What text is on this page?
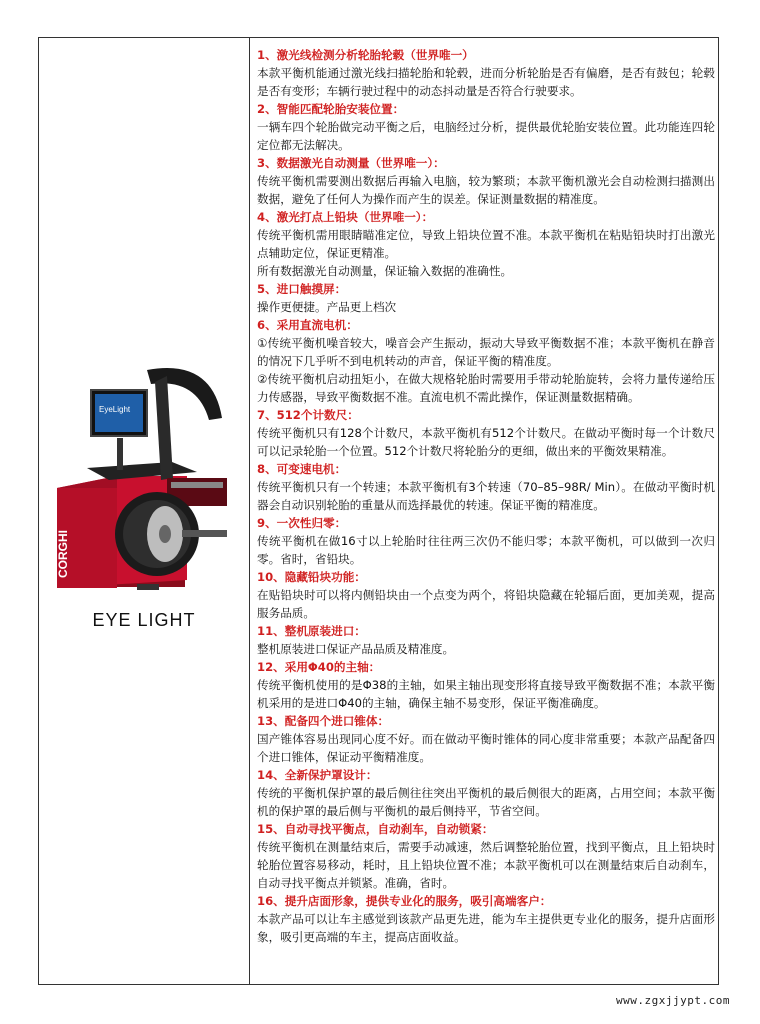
CORGHI
EyeLight
EYE LIGHT
1、激光线检测分析轮胎轮毂（世界唯一）
本款平衡机能通过激光线扫描轮胎和轮毂，进而分析轮胎是否有偏磨，是否有鼓包；轮毂是否有变形；车辆行驶过程中的动态抖动量是否符合行驶要求。
2、智能匹配轮胎安装位置：
一辆车四个轮胎做完动平衡之后，电脑经过分析，提供最优轮胎安装位置。此功能连四轮定位都无法解决。
3、数据激光自动测量（世界唯一）：
传统平衡机需要测出数据后再输入电脑，较为繁琐；本款平衡机激光会自动检测扫描测出数据，避免了任何人为操作而产生的误差。保证测量数据的精准度。
4、激光打点上铅块（世界唯一）：
传统平衡机需用眼睛瞄准定位，导致上铅块位置不准。本款平衡机在粘贴铅块时打出激光点辅助定位，保证更精准。
所有数据激光自动测量，保证输入数据的准确性。
5、进口触摸屏：
操作更便捷。产品更上档次
6、采用直流电机：
①传统平衡机噪音较大，噪音会产生振动，振动大导致平衡数据不准；本款平衡机在静音的情况下几乎听不到电机转动的声音，保证平衡的精准度。
②传统平衡机启动扭矩小，在做大规格轮胎时需要用手带动轮胎旋转，会将力量传递给压力传感器，导致平衡数据不准。直流电机不需此操作，保证测量数据精确。
7、512个计数尺：
传统平衡机只有128个计数尺，本款平衡机有512个计数尺。在做动平衡时每一个计数尺可以记录轮胎一个位置。512个计数尺将轮胎分的更细，做出来的平衡效果精准。
8、可变速电机：
传统平衡机只有一个转速；本款平衡机有3个转速（70–85–98R/ Min）。在做动平衡时机器会自动识别轮胎的重量从而选择最优的转速。保证平衡的精准度。
9、一次性归零：
传统平衡机在做16寸以上轮胎时往往两三次仍不能归零；本款平衡机，可以做到一次归零。省时，省铅块。
10、隐藏铅块功能：
在贴铅块时可以将内侧铅块由一个点变为两个，将铅块隐藏在轮辐后面，更加美观，提高服务品质。
11、整机原装进口：
整机原装进口保证产品品质及精准度。
12、采用Φ40的主轴：
传统平衡机使用的是Φ38的主轴，如果主轴出现变形将直接导致平衡数据不准；本款平衡机采用的是进口Φ40的主轴，确保主轴不易变形，保证平衡准确度。
13、配备四个进口锥体：
国产锥体容易出现同心度不好。而在做动平衡时锥体的同心度非常重要；本款产品配备四个进口锥体，保证动平衡精准度。
14、全新保护罩设计：
传统的平衡机保护罩的最后侧往往突出平衡机的最后侧很大的距离，占用空间；本款平衡机的保护罩的最后侧与平衡机的最后侧持平，节省空间。
15、自动寻找平衡点，自动刹车，自动锁紧：
传统平衡机在测量结束后，需要手动减速，然后调整轮胎位置，找到平衡点，且上铅块时轮胎位置容易移动，耗时，且上铅块位置不准；本款平衡机可以在测量结束后自动刹车，自动寻找平衡点并锁紧。准确，省时。
16、提升店面形象，提供专业化的服务，吸引高端客户：
本款产品可以让车主感觉到该款产品更先进，能为车主提供更专业化的服务，提升店面形象，吸引更高端的车主，提高店面收益。
www.zgxjjypt.com
